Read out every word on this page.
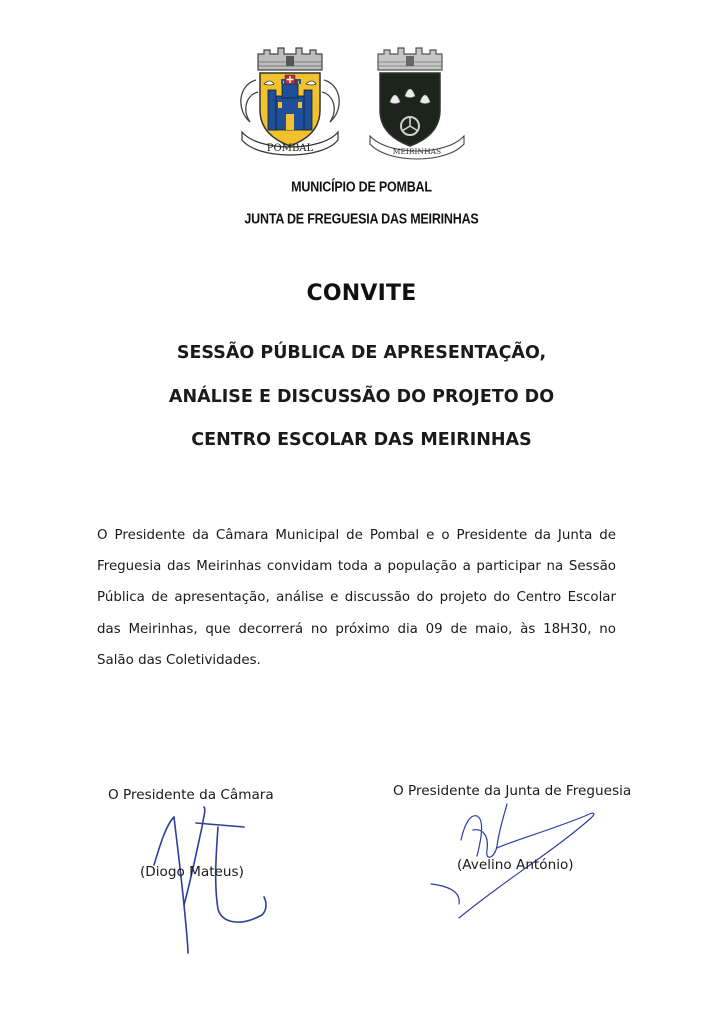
POMBAL	MEIRINHAS
MUNICÍPIO DE POMBAL
JUNTA DE FREGUESIA DAS MEIRINHAS
CONVITE
SESSÃO PÚBLICA DE APRESENTAÇÃO,
ANÁLISE E DISCUSSÃO DO PROJETO DO
CENTRO ESCOLAR DAS MEIRINHAS

O Presidente da Câmara Municipal de Pombal e o Presidente da Junta de
Freguesia das Meirinhas convidam toda a população a participar na Sessão
Pública de apresentação, análise e discussão do projeto do Centro Escolar
das Meirinhas, que decorrerá no próximo dia 09 de maio, às 18H30, no
Salão das Coletividades.

O Presidente da Câmara
(Diogo Mateus)
O Presidente da Junta de Freguesia
(Avelino António)
